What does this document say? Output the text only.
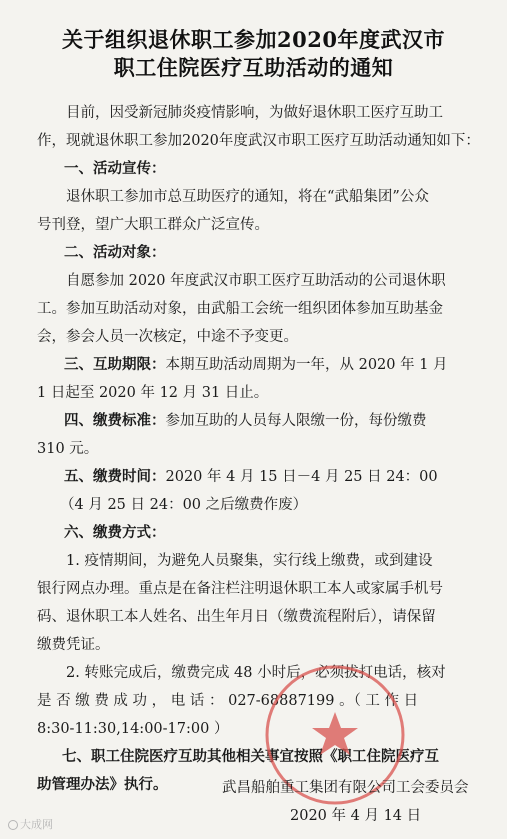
关于组织退休职工参加2020年度武汉市
职工住院医疗互助活动的通知
目前，因受新冠肺炎疫情影响，为做好退休职工医疗互助工
作，现就退休职工参加2020年度武汉市职工医疗互助活动通知如下：
一、活动宣传：
退休职工参加市总互助医疗的通知，将在“武船集团”公众
号刊登，望广大职工群众广泛宣传。
二、活动对象：
自愿参加 2020 年度武汉市职工医疗互助活动的公司退休职
工。参加互助活动对象，由武船工会统一组织团体参加互助基金
会，参会人员一次核定，中途不予变更。
三、互助期限：本期互助活动周期为一年，从 2020 年 1 月
1 日起至 2020 年 12 月 31 日止。
四、缴费标准：参加互助的人员每人限缴一份，每份缴费
310 元。
五、缴费时间：2020 年 4 月 15 日－4 月 25 日 24：00
（4 月 25 日 24：00 之后缴费作废）
六、缴费方式：
1. 疫情期间，为避免人员聚集，实行线上缴费，或到建设
银行网点办理。重点是在备注栏注明退休职工本人或家属手机号
码、退休职工本人姓名、出生年月日（缴费流程附后），请保留
缴费凭证。
2. 转账完成后，缴费完成 48 小时后，必须拔打电话，核对
是 否 缴 费 成 功 ， 电 话 ： 027-68887199 。（ 工 作 日
8:30-11:30,14:00-17:00 ）
七、职工住院医疗互助其他相关事宜按照《职工住院医疗互
助管理办法》执行。	武昌船舶重工集团有限公司工会委员会
2020 年 4 月 14 日
大成网
